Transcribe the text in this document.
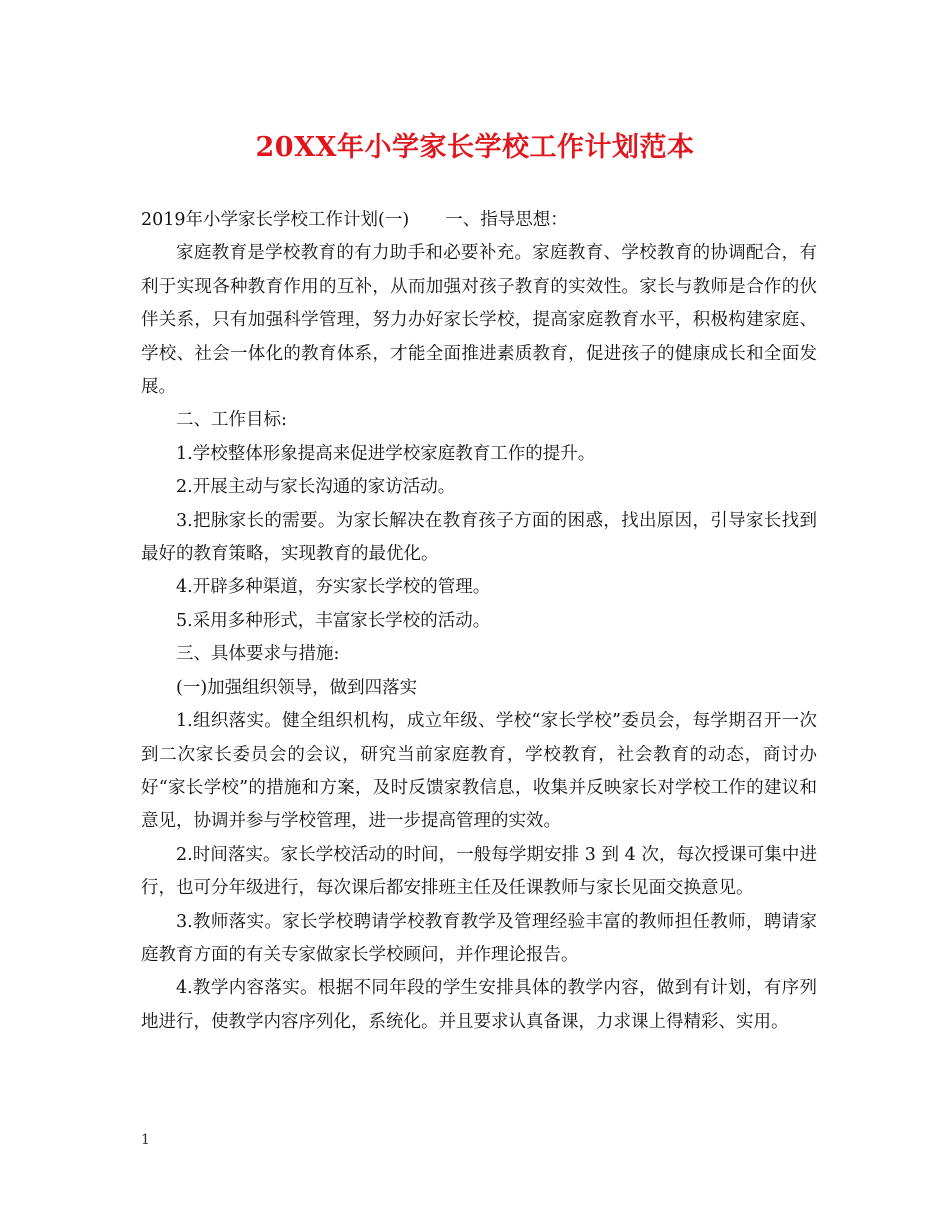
20XX年小学家长学校工作计划范本

2019年小学家长学校工作计划(一) 一、指导思想：

家庭教育是学校教育的有力助手和必要补充。家庭教育、学校教育的协调配合，有利于实现各种教育作用的互补，从而加强对孩子教育的实效性。家长与教师是合作的伙伴关系，只有加强科学管理，努力办好家长学校，提高家庭教育水平，积极构建家庭、学校、社会一体化的教育体系，才能全面推进素质教育，促进孩子的健康成长和全面发展。

二、工作目标:

1.学校整体形象提高来促进学校家庭教育工作的提升。

2.开展主动与家长沟通的家访活动。

3.把脉家长的需要。为家长解决在教育孩子方面的困惑，找出原因，引导家长找到最好的教育策略，实现教育的最优化。

4.开辟多种渠道，夯实家长学校的管理。

5.采用多种形式，丰富家长学校的活动。

三、具体要求与措施:

(一)加强组织领导，做到四落实

1.组织落实。健全组织机构，成立年级、学校“家长学校”委员会，每学期召开一次到二次家长委员会的会议，研究当前家庭教育，学校教育，社会教育的动态，商讨办好“家长学校”的措施和方案，及时反馈家教信息，收集并反映家长对学校工作的建议和意见，协调并参与学校管理，进一步提高管理的实效。

2.时间落实。家长学校活动的时间，一般每学期安排 3 到 4 次，每次授课可集中进行，也可分年级进行，每次课后都安排班主任及任课教师与家长见面交换意见。

3.教师落实。家长学校聘请学校教育教学及管理经验丰富的教师担任教师，聘请家庭教育方面的有关专家做家长学校顾问，并作理论报告。

4.教学内容落实。根据不同年段的学生安排具体的教学内容，做到有计划，有序列地进行，使教学内容序列化，系统化。并且要求认真备课，力求课上得精彩、实用。

1
